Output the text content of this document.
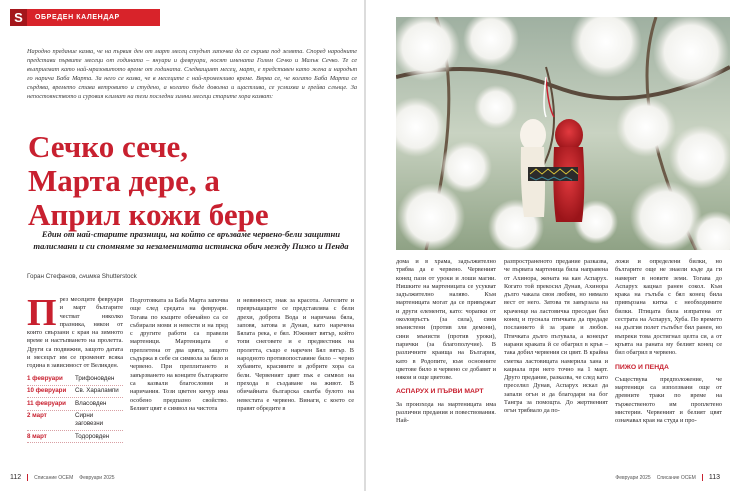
S	ОБРЕДЕН КАЛЕНДАР

Народно предание казва, че на първия ден от март месец студът започва да се скрива под земята. Според народните представи първите месеци от годината – януари и февруари, носят имената Голям Сечко и Малък Сечко. Те се възприемат като най-мразовитото време от годината. Следващият месец, март, е представен като жена и народът го нарича Баба Марта. За него се казва, че в месеците с най-променливо време. Вярва се, че когато Баба Марта се сърдява, времето става ветровито и студено, а когато бъде доволна и щастлива, се усмихва и грейва слънце. За непостоянството и суровия климат на тези последни зимни месеци старите хора казват:

Сечко сече,
Марта дере, а
Април кожи бере

Един от най-старите празници, на който се връзваме червено-бели защитни талисмани и си спомняме за незаменимата истинска обич между Пижо и Пенда

Горан Стефанов, снимка Shutterstock
П рез месеците февруари и март българите честват няколко празника, някои от които свързани с края на зимното време и настъпването на пролетта. Други са подвижни, защото датата и месецът им се променят всяка година в зависимост от Великден.

1 февруари	Трифоновден
10 февруари	Св. Харалампи
11 февруари	Власовден
2 март	Сирни заговезни
8 март	Тодоровден

Подготовката за Баба Марта започва още след средата на февруари. Тогава по къщите обичайно са се събирали моми и невести и на пред с другите работи са правели мартеници. Мартеницата е преплетена от два цвята, защото съдържа в себе си символа за бяло и червено. При преплитането и завързването на конците българките са казвали благословии и наричания. Този цветен кичур има особено предпазно свойство. Белият цвят е символ на чистота

и невинност, знак за красота. Ангелите и превръщащите се представлява с бели дрехи, доброта Вода и наричана бяла, заповя, затова и Дунав, като наречена Бялата река, е бял. Южният вятър, който топи снеговете и е предвестник на пролетта, също е наречен Бял вятър. В народното противопоставяне било – черно хубавите, красивите и добрите хора са бели. Червеният цвят пък е символ на прехода в създаване на живот. В обичайната българска сватба булото на невестата е червено. Винаги, с което се правят обредите в

112	Списание ОСЕМ Февруари 2025

дома и в храма, задължително трябва да е червено. Червеният конец пази от уроки и лоши магии. Нишките на мартеницата се усукват задължително наляво. Към мартеницата могат да се привържат и други елементи, като: чорапки от околовръстъ (за сила), синя мънистени (против зли демони), сини мънисти (против уроки), парички (за благополучие). В различните краища на България, като в Родопите, към основните цветове било и червено се добавят и някои и още цветове.

АСПАРУХ И ПЪРВИ МАРТ

За произхода на мартеницата има различни предания и повествования. Най-

разпространеното предание разказва, че първата мартеница била направена от Ахинора, жената на кан Аспарух. Когато той прекосил Дунав, Ахинора дълго чакала своя любим, но нямало вест от него. Затова тя завързала на краченце на ластовичка преседан бял конец и пуснала птичката да предаде посланието й за зраве и любов. Птичката дълго пътувала, а конецът нарани краката й се обагрил в кръв – така добил червения си цвят. В крайна сметка ластовицата намерила хана и кацнала при него точно на 1 март. Друго предание, разказва, че след като преселил Дунав, Аспарух искал да запали огън и да благодари на бог Тангра за помощта. До жертвеният огън трябвало да по-

ложи и определени билки, но българите още не знаели къде да ги намерят в новите земи. Тогава до Аспарух кацнал ранен сокол. Към крака на гълъба с бял конец била привързана китка с необходимите билки. Птицата била изпратена от сестрата на Аспарух, Хуба. По времето на дългия полет гълъбът бил ранен, но въпреки това достигнал целта си, а от кръвта на раната му белият конец се бил обагрил в червено.

ПИЖО И ПЕНДА

Съществува предположение, че мартеници са използвани още от древните траки по време на тържественото им проплетено мистерии. Червеният и белият цвят означавал края на студа и про-

Февруари 2025 Списание ОСЕМ 113
